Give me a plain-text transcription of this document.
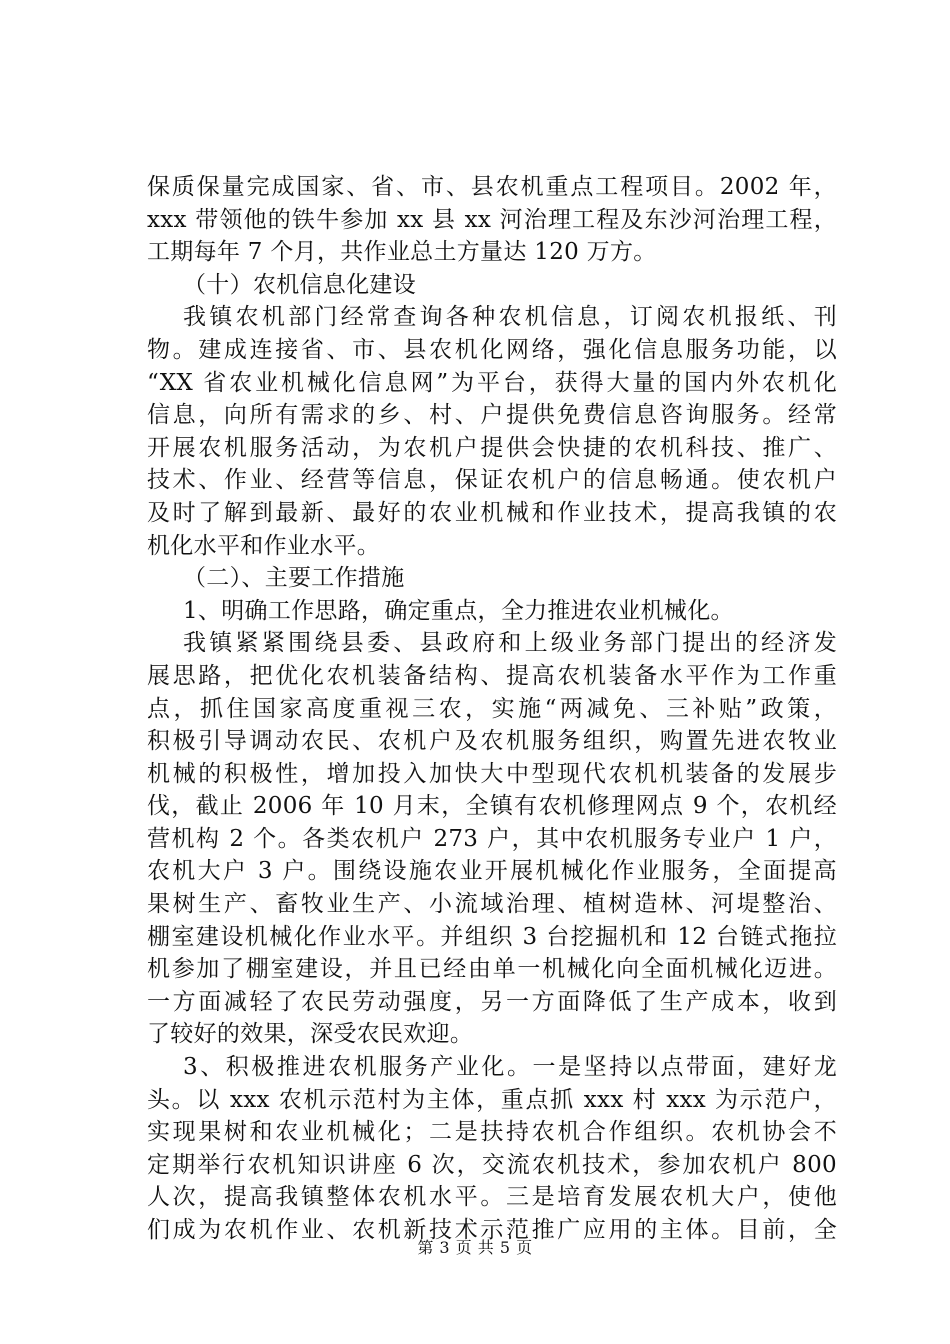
保质保量完成国家、省、市、县农机重点工程项目。2002 年，
xxx 带领他的铁牛参加 xx 县 xx 河治理工程及东沙河治理工程，
工期每年 7 个月，共作业总土方量达 120 万方。
（十）农机信息化建设
我镇农机部门经常查询各种农机信息，订阅农机报纸、刊
物。建成连接省、市、县农机化网络，强化信息服务功能，以
“XX 省农业机械化信息网”为平台，获得大量的国内外农机化
信息，向所有需求的乡、村、户提供免费信息咨询服务。经常
开展农机服务活动，为农机户提供会快捷的农机科技、推广、
技术、作业、经营等信息，保证农机户的信息畅通。使农机户
及时了解到最新、最好的农业机械和作业技术，提高我镇的农
机化水平和作业水平。
（二）、主要工作措施
1、明确工作思路，确定重点，全力推进农业机械化。
我镇紧紧围绕县委、县政府和上级业务部门提出的经济发
展思路，把优化农机装备结构、提高农机装备水平作为工作重
点，抓住国家高度重视三农，实施“两减免、三补贴”政策，
积极引导调动农民、农机户及农机服务组织，购置先进农牧业
机械的积极性，增加投入加快大中型现代农机机装备的发展步
伐，截止 2006 年 10 月末，全镇有农机修理网点 9 个，农机经
营机构 2 个。各类农机户 273 户，其中农机服务专业户 1 户，
农机大户 3 户。围绕设施农业开展机械化作业服务，全面提高
果树生产、畜牧业生产、小流域治理、植树造林、河堤整治、
棚室建设机械化作业水平。并组织 3 台挖掘机和 12 台链式拖拉
机参加了棚室建设，并且已经由单一机械化向全面机械化迈进。
一方面减轻了农民劳动强度，另一方面降低了生产成本，收到
了较好的效果，深受农民欢迎。
3、积极推进农机服务产业化。一是坚持以点带面，建好龙
头。以 xxx 农机示范村为主体，重点抓 xxx 村 xxx 为示范户，
实现果树和农业机械化；二是扶持农机合作组织。农机协会不
定期举行农机知识讲座 6 次，交流农机技术，参加农机户 800
人次，提高我镇整体农机水平。三是培育发展农机大户，使他
们成为农机作业、农机新技术示范推广应用的主体。目前，全
第 3 页 共 5 页
